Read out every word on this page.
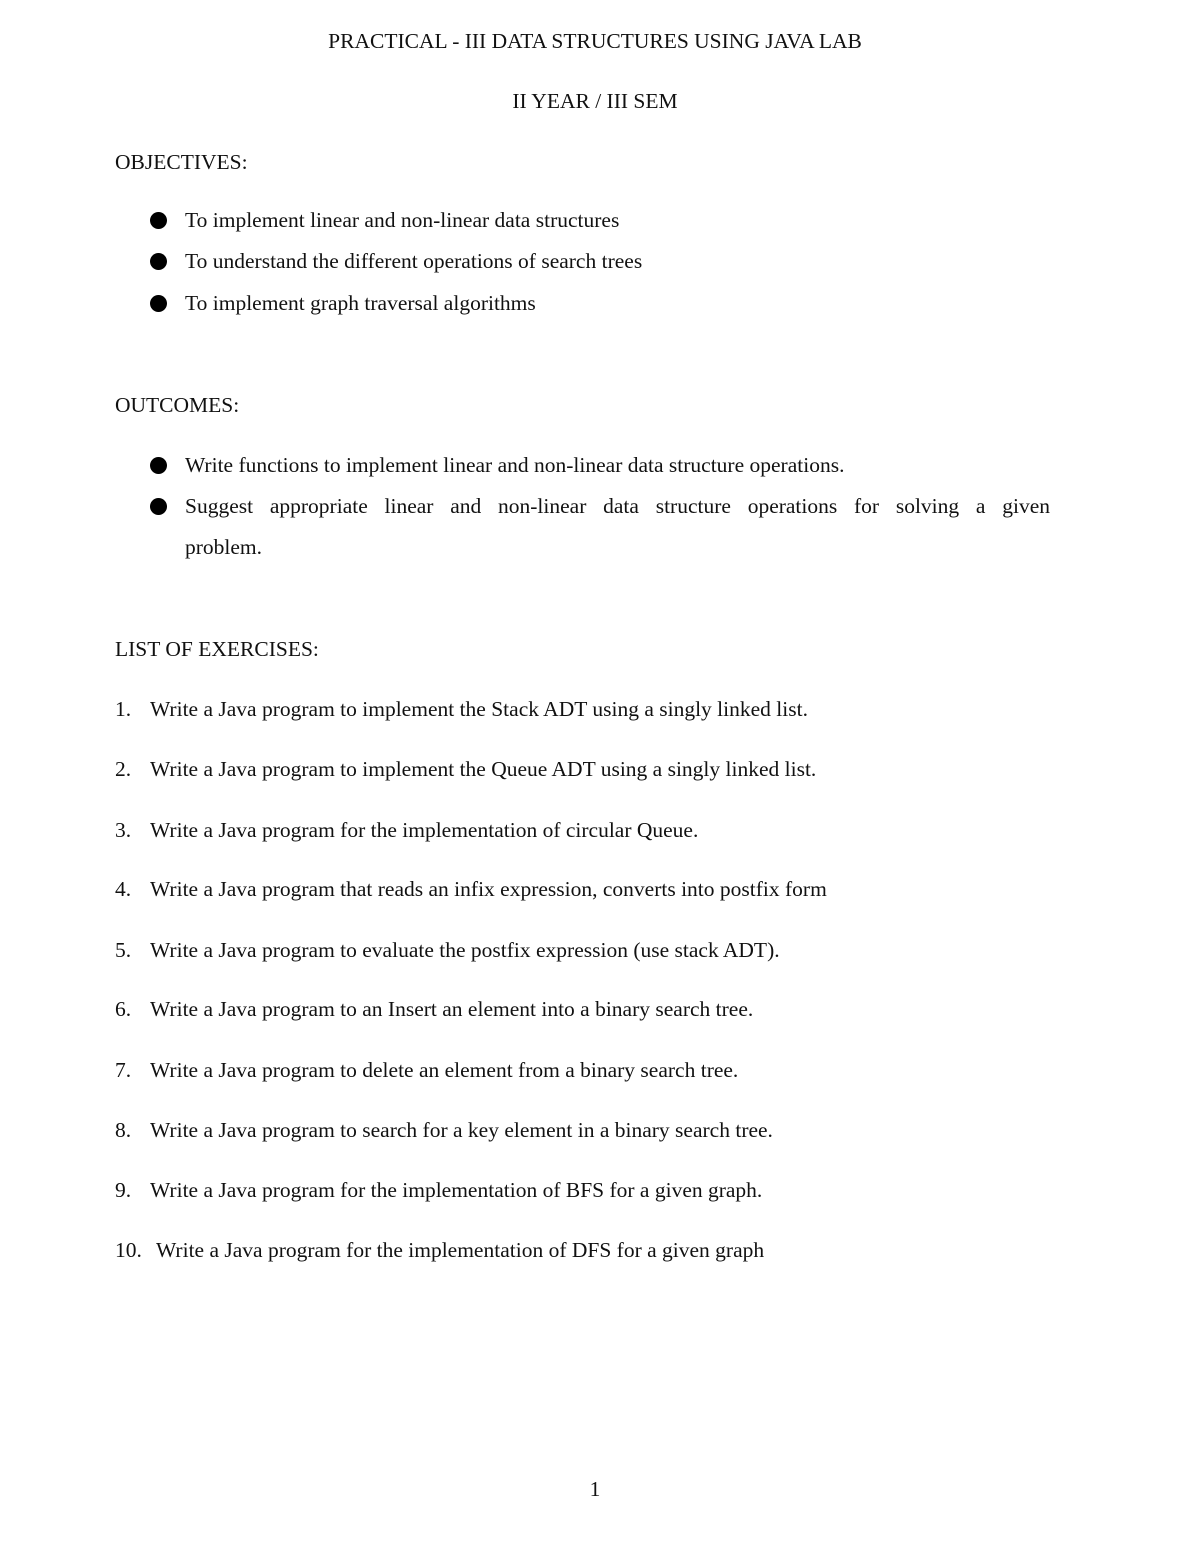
PRACTICAL - III DATA STRUCTURES USING JAVA LAB
II YEAR / III SEM
OBJECTIVES:
To implement linear and non-linear data structures
To understand the different operations of search trees
To implement graph traversal algorithms
OUTCOMES:
Write functions to implement linear and non-linear data structure operations.
Suggest appropriate linear and non-linear data structure operations for solving a given
problem.
LIST OF EXERCISES:
1. Write a Java program to implement the Stack ADT using a singly linked list.
2. Write a Java program to implement the Queue ADT using a singly linked list.
3. Write a Java program for the implementation of circular Queue.
4. Write a Java program that reads an infix expression, converts into postfix form
5. Write a Java program to evaluate the postfix expression (use stack ADT).
6. Write a Java program to an Insert an element into a binary search tree.
7. Write a Java program to delete an element from a binary search tree.
8. Write a Java program to search for a key element in a binary search tree.
9. Write a Java program for the implementation of BFS for a given graph.
10. Write a Java program for the implementation of DFS for a given graph
1
